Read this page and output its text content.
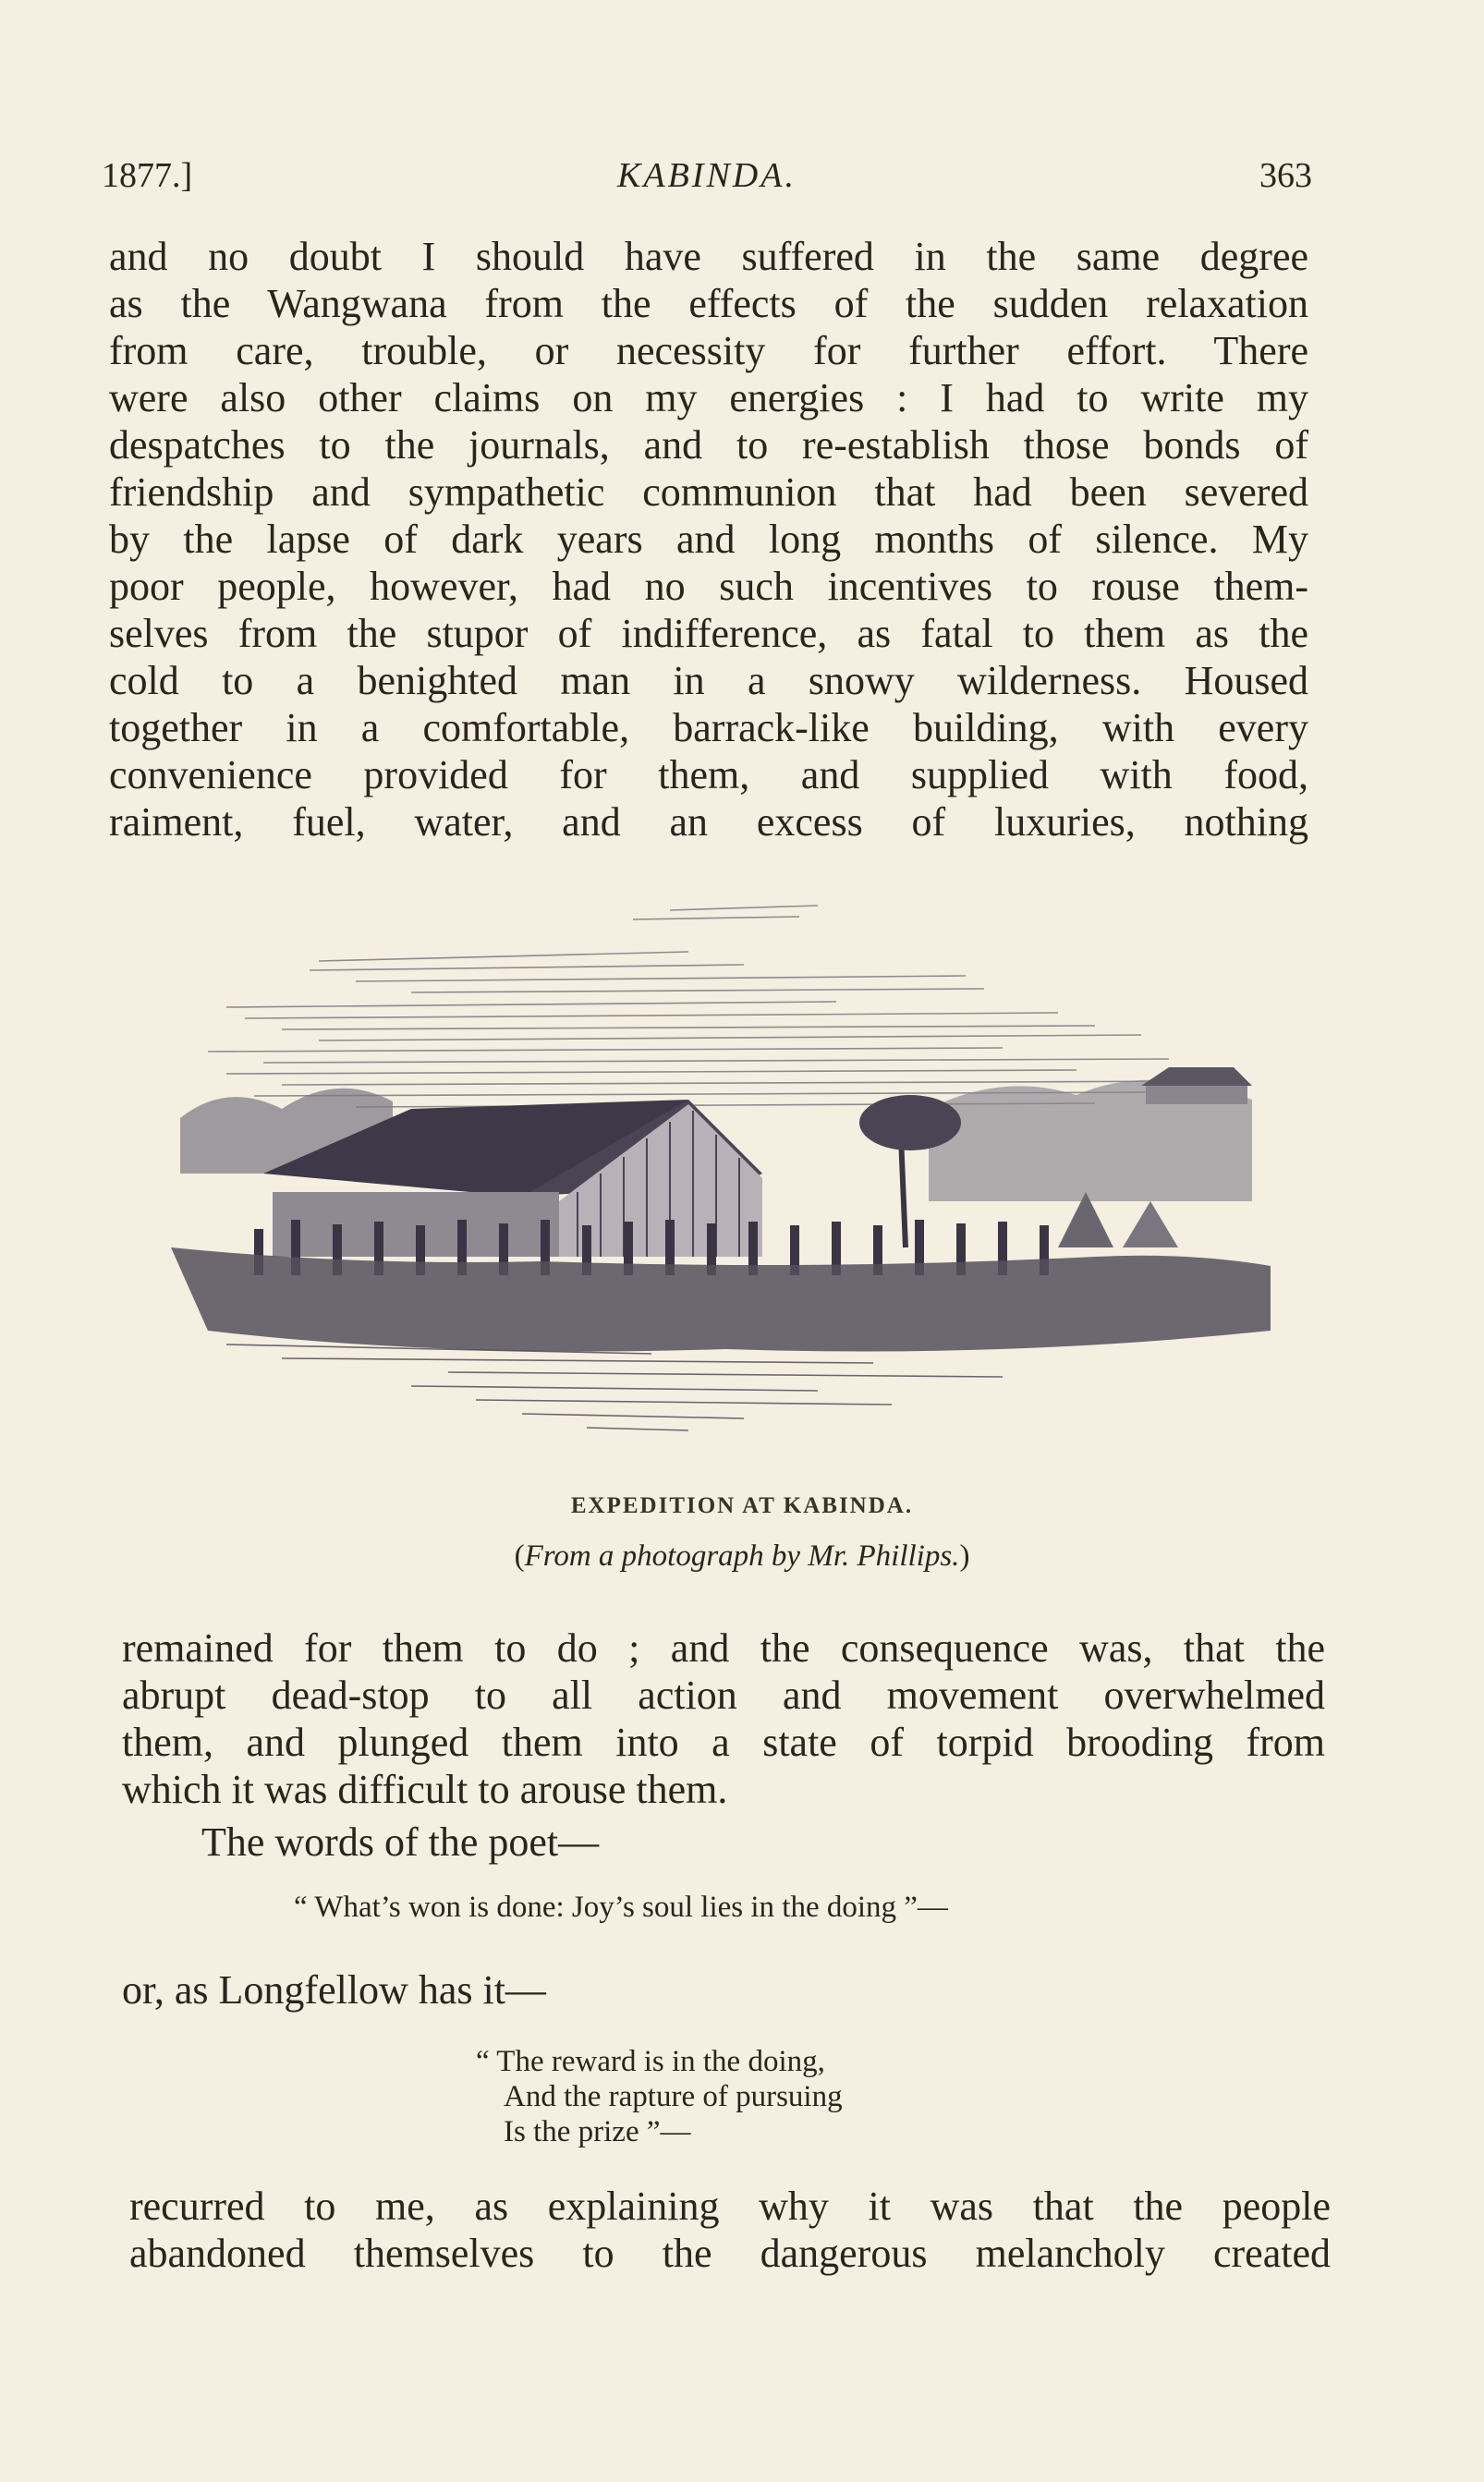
1877.]	KABINDA.	363

and no doubt I should have suffered in the same degree
as the Wangwana from the effects of the sudden relaxation
from care, trouble, or necessity for further effort. There
were also other claims on my energies : I had to write my
despatches to the journals, and to re-establish those bonds of
friendship and sympathetic communion that had been severed
by the lapse of dark years and long months of silence. My
poor people, however, had no such incentives to rouse them-
selves from the stupor of indifference, as fatal to them as the
cold to a benighted man in a snowy wilderness. Housed
together in a comfortable, barrack-like building, with every
convenience provided for them, and supplied with food,
raiment, fuel, water, and an excess of luxuries, nothing

EXPEDITION AT KABINDA.
(From a photograph by Mr. Phillips.)

remained for them to do ; and the consequence was, that the
abrupt dead-stop to all action and movement overwhelmed
them, and plunged them into a state of torpid brooding from
which it was difficult to arouse them.

The words of the poet—

“ What’s won is done: Joy’s soul lies in the doing ”—

or, as Longfellow has it—

“ The reward is in the doing,
And the rapture of pursuing
Is the prize ”—

recurred to me, as explaining why it was that the people
abandoned themselves to the dangerous melancholy created
